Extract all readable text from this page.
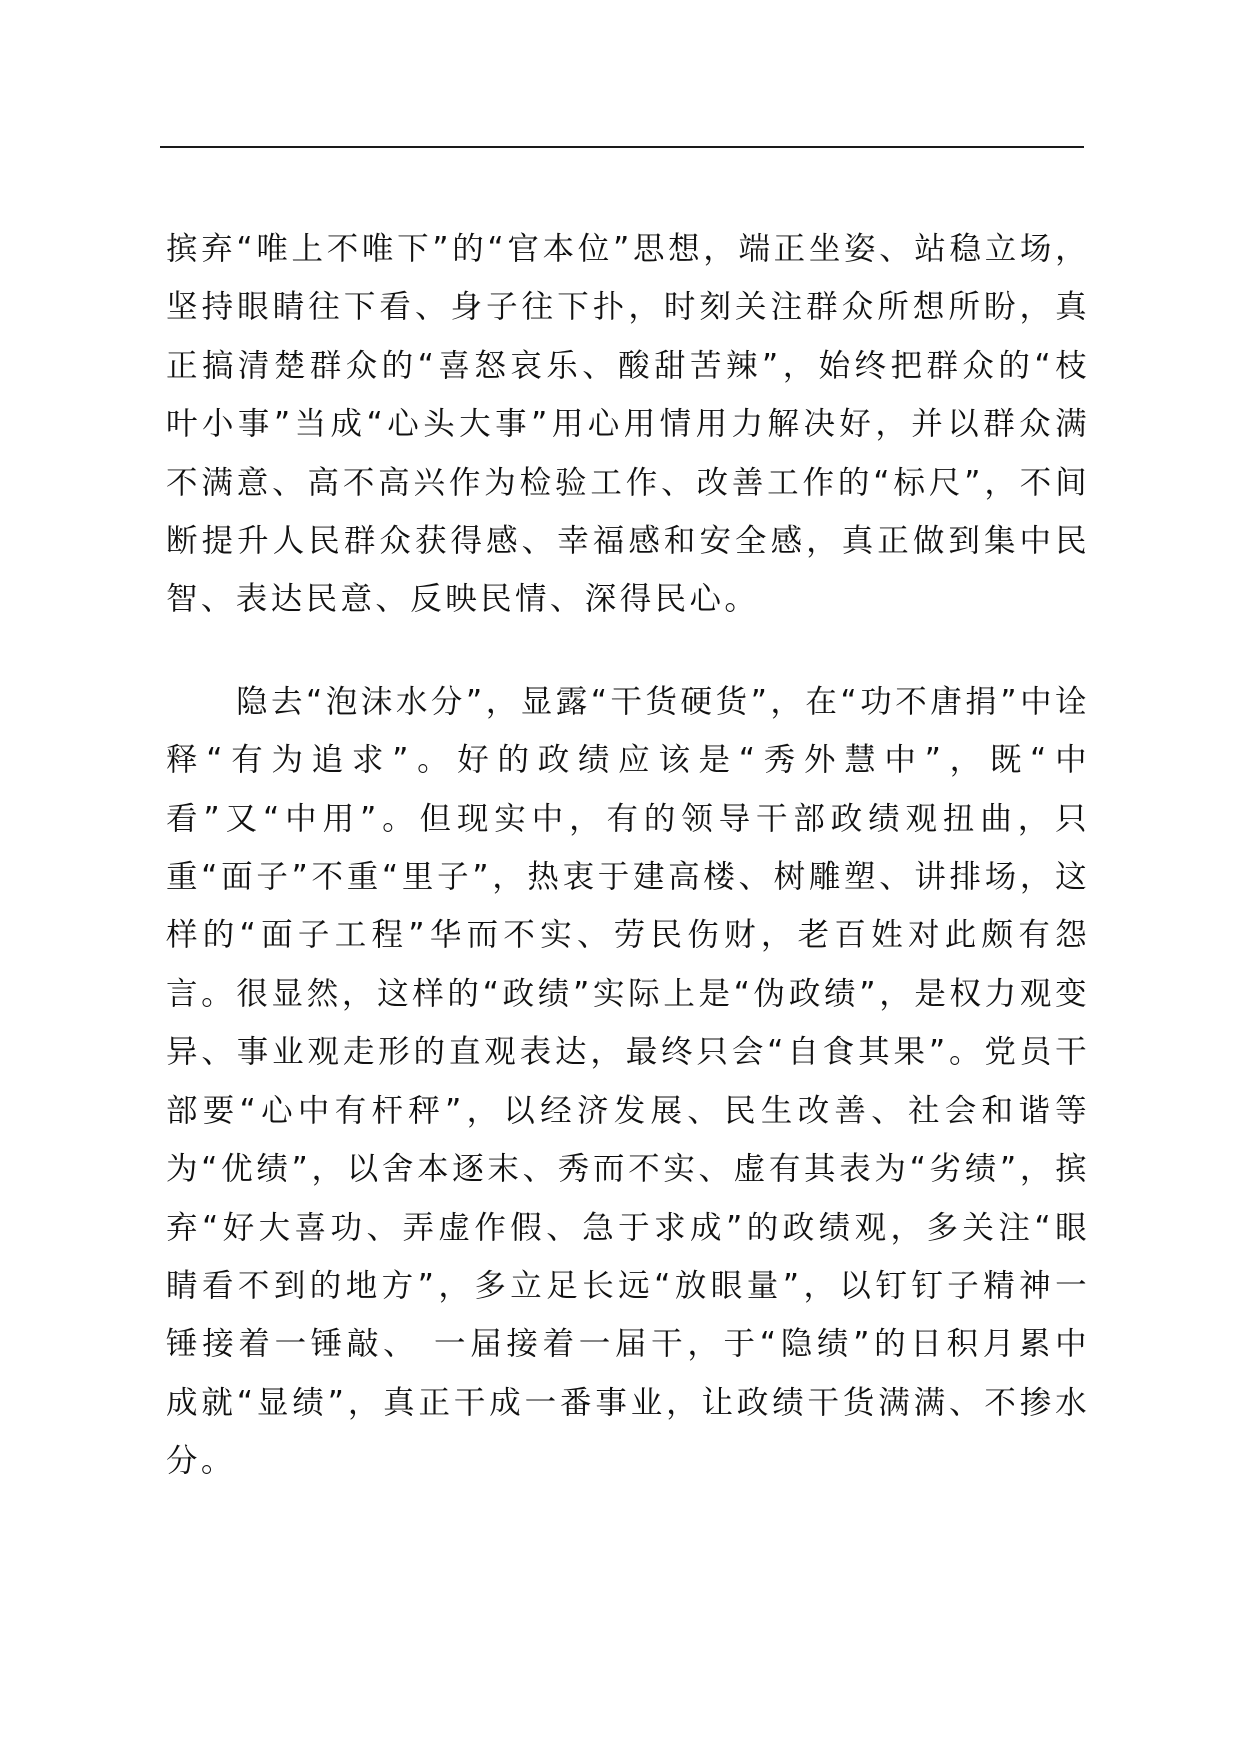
摈弃“唯上不唯下”的“官本位”思想，端正坐姿、站稳立场，坚持眼睛往下看、身子往下扑，时刻关注群众所想所盼，真正搞清楚群众的“喜怒哀乐、酸甜苦辣”，始终把群众的“枝叶小事”当成“心头大事”用心用情用力解决好，并以群众满不满意、高不高兴作为检验工作、改善工作的“标尺”，不间断提升人民群众获得感、幸福感和安全感，真正做到集中民智、表达民意、反映民情、深得民心。

隐去“泡沫水分”，显露“干货硬货”，在“功不唐捐”中诠释“有为追求”。好的政绩应该是“秀外慧中”，既“中看”又“中用”。但现实中，有的领导干部政绩观扭曲，只重“面子”不重“里子”，热衷于建高楼、树雕塑、讲排场，这样的“面子工程”华而不实、劳民伤财，老百姓对此颇有怨言。很显然，这样的“政绩”实际上是“伪政绩”，是权力观变异、事业观走形的直观表达，最终只会“自食其果”。党员干部要“心中有杆秤”，以经济发展、民生改善、社会和谐等为“优绩”，以舍本逐末、秀而不实、虚有其表为“劣绩”，摈弃“好大喜功、弄虚作假、急于求成”的政绩观，多关注“眼睛看不到的地方”，多立足长远“放眼量”，以钉钉子精神一锤接着一锤敲、 一届接着一届干，于“隐绩”的日积月累中成就“显绩”，真正干成一番事业，让政绩干货满满、不掺水分。
